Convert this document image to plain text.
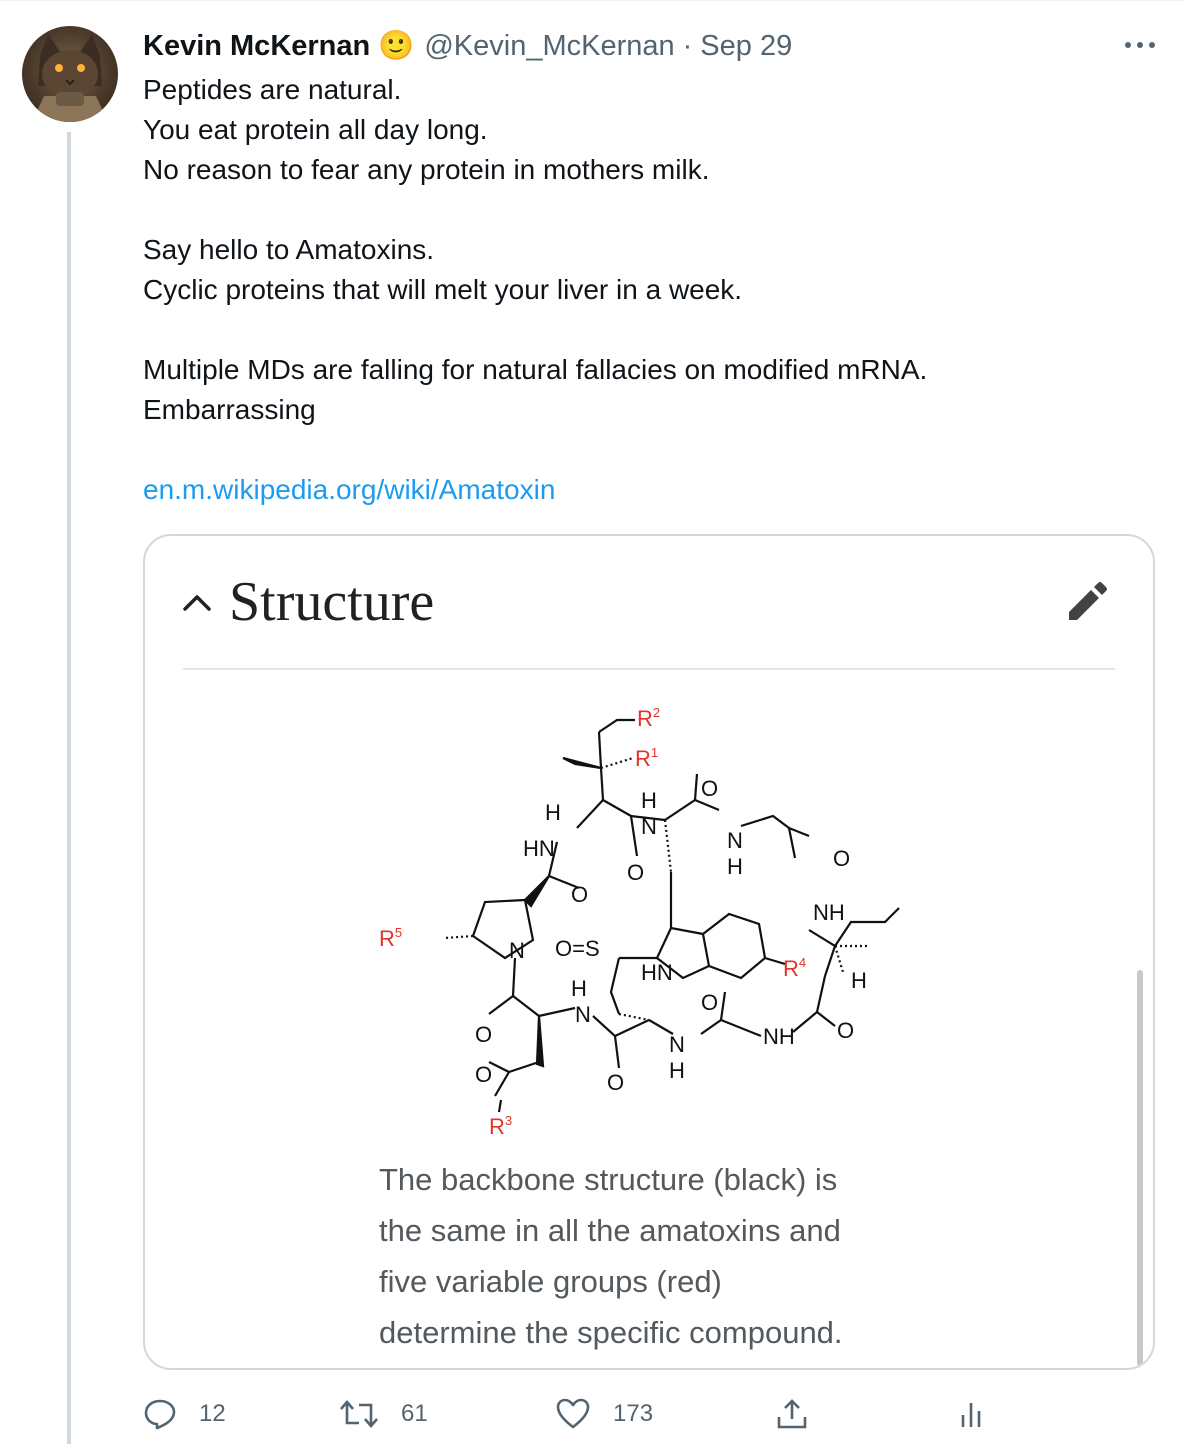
Kevin McKernan 🙂 @Kevin_McKernan · Sep 29
Peptides are natural.
You eat protein all day long.
No reason to fear any protein in mothers milk.
Say hello to Amatoxins.
Cyclic proteins that will melt your liver in a week.
Multiple MDs are falling for natural fallacies on modified mRNA.
Embarrassing
en.m.wikipedia.org/wiki/Amatoxin
Structure
H
HN
H
N
O
N
H	O
O
NH
O
O=S
N
HN	H
H
N	O
O
O	N	NH
O H
O
$R^2$
$R^1$
$R^5$
$R^4$
$R^3$
The backbone structure (black) is
the same in all the amatoxins and
five variable groups (red)
determine the specific compound.
12	61	173
